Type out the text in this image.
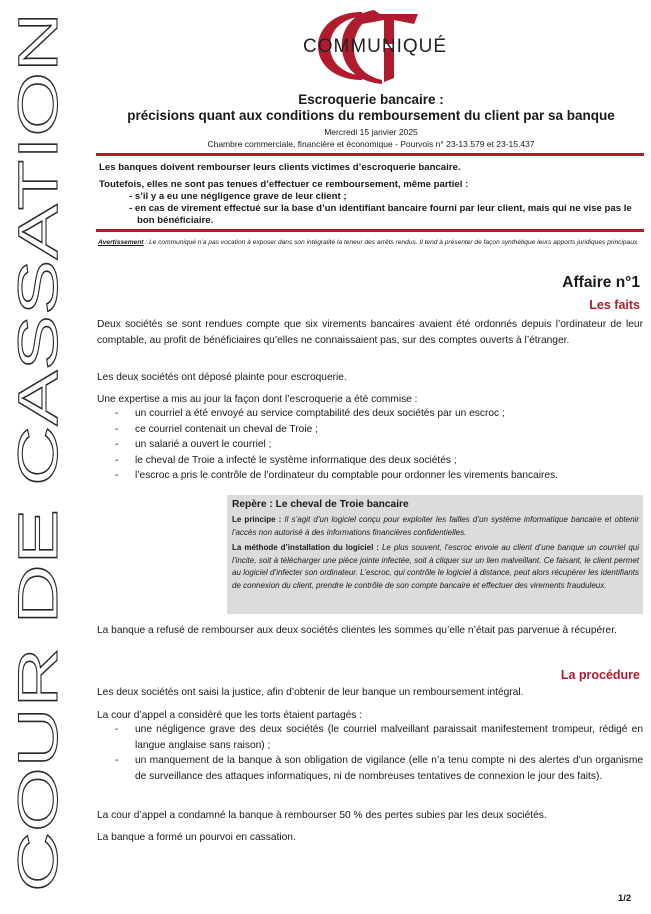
COUR DE CASSATION
COMMUNIQUÉ
Escroquerie bancaire :
précisions quant aux conditions du remboursement du client par sa banque
Mercredi 15 janvier 2025
Chambre commerciale, financière et économique - Pourvois n° 23-13.579 et 23-15.437

Les banques doivent rembourser leurs clients victimes d’escroquerie bancaire.

Toutefois, elles ne sont pas tenues d’effectuer ce remboursement, même partiel :

- s’il y a eu une négligence grave de leur client ;

- en cas de virement effectué sur la base d’un identifiant bancaire fourni par leur client, mais qui ne vise pas le bon bénéficiaire.

Avertissement : Le communiqué n’a pas vocation à exposer dans son intégralité la teneur des arrêts rendus. Il tend à présenter de façon synthétique leurs apports juridiques principaux.
Affaire n°1
Les faits

Deux sociétés se sont rendues compte que six virements bancaires avaient été ordonnés depuis l’ordinateur de leur comptable, au profit de bénéficiaires qu’elles ne connaissaient pas, sur des comptes ouverts à l’étranger.

Les deux sociétés ont déposé plainte pour escroquerie.

Une expertise a mis au jour la façon dont l’escroquerie a été commise :

- un courriel a été envoyé au service comptabilité des deux sociétés par un escroc ;
- ce courriel contenait un cheval de Troie ;
- un salarié a ouvert le courriel ;
- le cheval de Troie a infecté le système informatique des deux sociétés ;
- l’escroc a pris le contrôle de l’ordinateur du comptable pour ordonner les virements bancaires.
Repère : Le cheval de Troie bancaire

Le principe : Il s’agit d’un logiciel conçu pour exploiter les failles d’un système informatique bancaire et obtenir l’accès non autorisé à des informations financières confidentielles.

La méthode d’installation du logiciel : Le plus souvent, l’escroc envoie au client d’une banque un courriel qui l’incite, soit à télécharger une pièce jointe infectée, soit à cliquer sur un lien malveillant. Ce faisant, le client permet au logiciel d’infecter son ordinateur. L’escroc, qui contrôle le logiciel à distance, peut alors récupérer les identifiants de connexion du client, prendre le contrôle de son compte bancaire et effectuer des virements frauduleux.

La banque a refusé de rembourser aux deux sociétés clientes les sommes qu’elle n’était pas parvenue à récupérer.

La procédure

Les deux sociétés ont saisi la justice, afin d’obtenir de leur banque un remboursement intégral.

La cour d’appel a considéré que les torts étaient partagés :

- une négligence grave des deux sociétés (le courriel malveillant paraissait manifestement trompeur, rédigé en langue anglaise sans raison) ;
- un manquement de la banque à son obligation de vigilance (elle n’a tenu compte ni des alertes d’un organisme de surveillance des attaques informatiques, ni de nombreuses tentatives de connexion le jour des faits).

La cour d’appel a condamné la banque à rembourser 50 % des pertes subies par les deux sociétés.

La banque a formé un pourvoi en cassation.

1/2
